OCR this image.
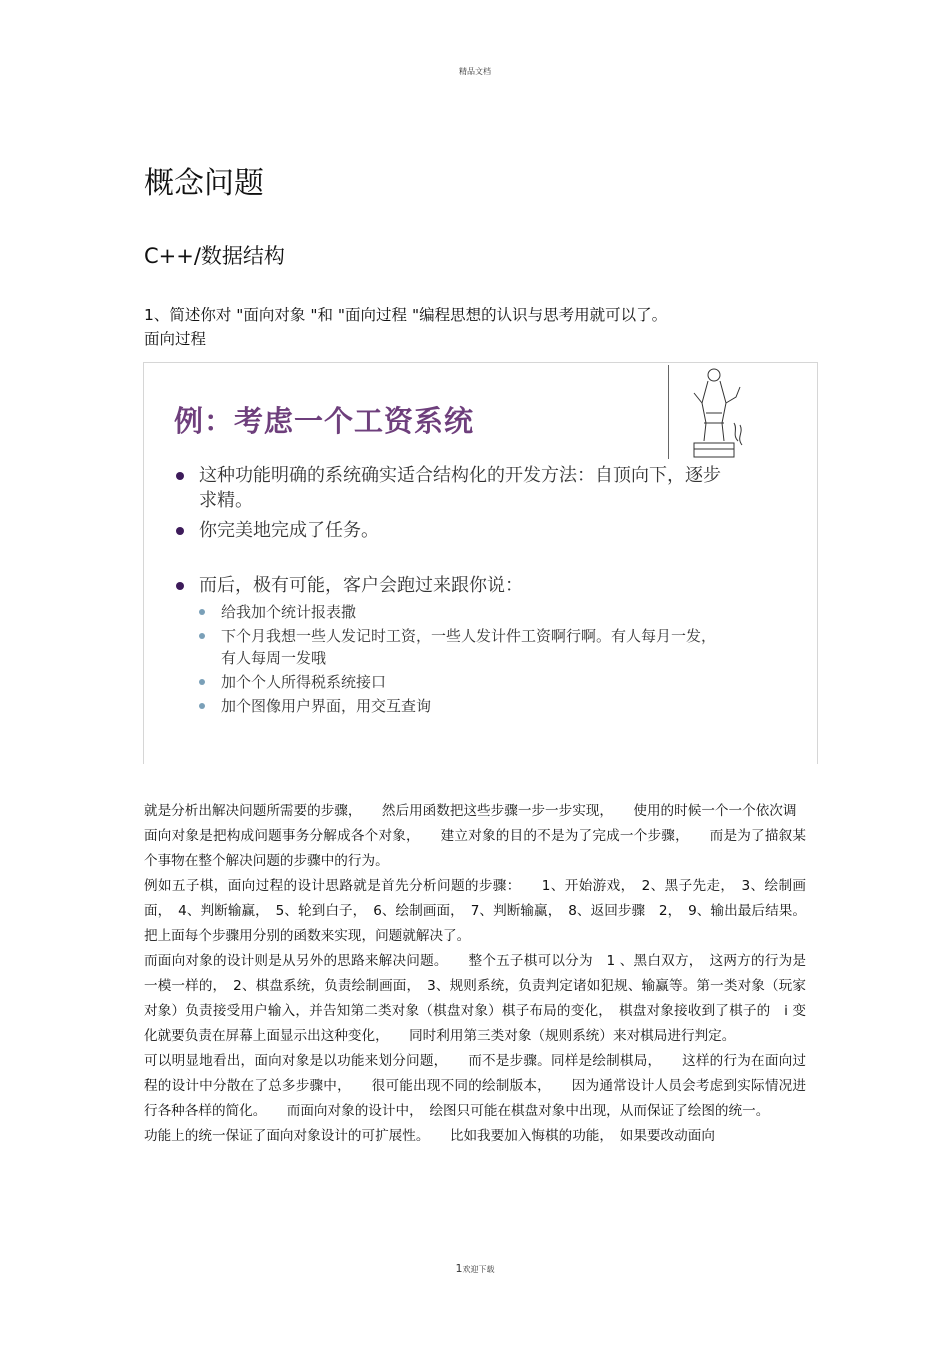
精品文档
概念问题
C++/数据结构
1、简述你对 "面向对象 "和 "面向过程 "编程思想的认识与思考用就可以了。
面向过程
例：考虑一个工资系统
这种功能明确的系统确实适合结构化的开发方法：自顶向下，逐步求精。
你完美地完成了任务。
而后，极有可能，客户会跑过来跟你说：
给我加个统计报表撒
下个月我想一些人发记时工资，一些人发计件工资啊行啊。有人每月一发，有人每周一发哦
加个个人所得税系统接口
加个图像用户界面，用交互查询

就是分析出解决问题所需要的步骤，　　然后用函数把这些步骤一步一步实现，　　使用的时候一个一个依次调

面向对象是把构成问题事务分解成各个对象，　　建立对象的目的不是为了完成一个步骤，　　而是为了描叙某个事物在整个解决问题的步骤中的行为。

例如五子棋，面向过程的设计思路就是首先分析问题的步骤：　　1、开始游戏，　2、黑子先走，　3、绘制画面，　4、判断输赢，　5、轮到白子，　6、绘制画面，　7、判断输赢，　8、返回步骤　2，　9、输出最后结果。把上面每个步骤用分别的函数来实现，问题就解决了。

而面向对象的设计则是从另外的思路来解决问题。　　整个五子棋可以分为　1 、黑白双方，　这两方的行为是一模一样的，　2、棋盘系统，负责绘制画面，　3、规则系统，负责判定诸如犯规、输赢等。第一类对象（玩家对象）负责接受用户输入，并告知第二类对象（棋盘对象）棋子布局的变化，　棋盘对象接收到了棋子的　i 变化就要负责在屏幕上面显示出这种变化，　　同时利用第三类对象（规则系统）来对棋局进行判定。

可以明显地看出，面向对象是以功能来划分问题，　　而不是步骤。同样是绘制棋局，　　这样的行为在面向过程的设计中分散在了总多步骤中，　　很可能出现不同的绘制版本，　　因为通常设计人员会考虑到实际情况进行各种各样的简化。　　而面向对象的设计中，　绘图只可能在棋盘对象中出现，从而保证了绘图的统一。

功能上的统一保证了面向对象设计的可扩展性。　　比如我要加入悔棋的功能，　如果要改动面向

1欢迎下载
